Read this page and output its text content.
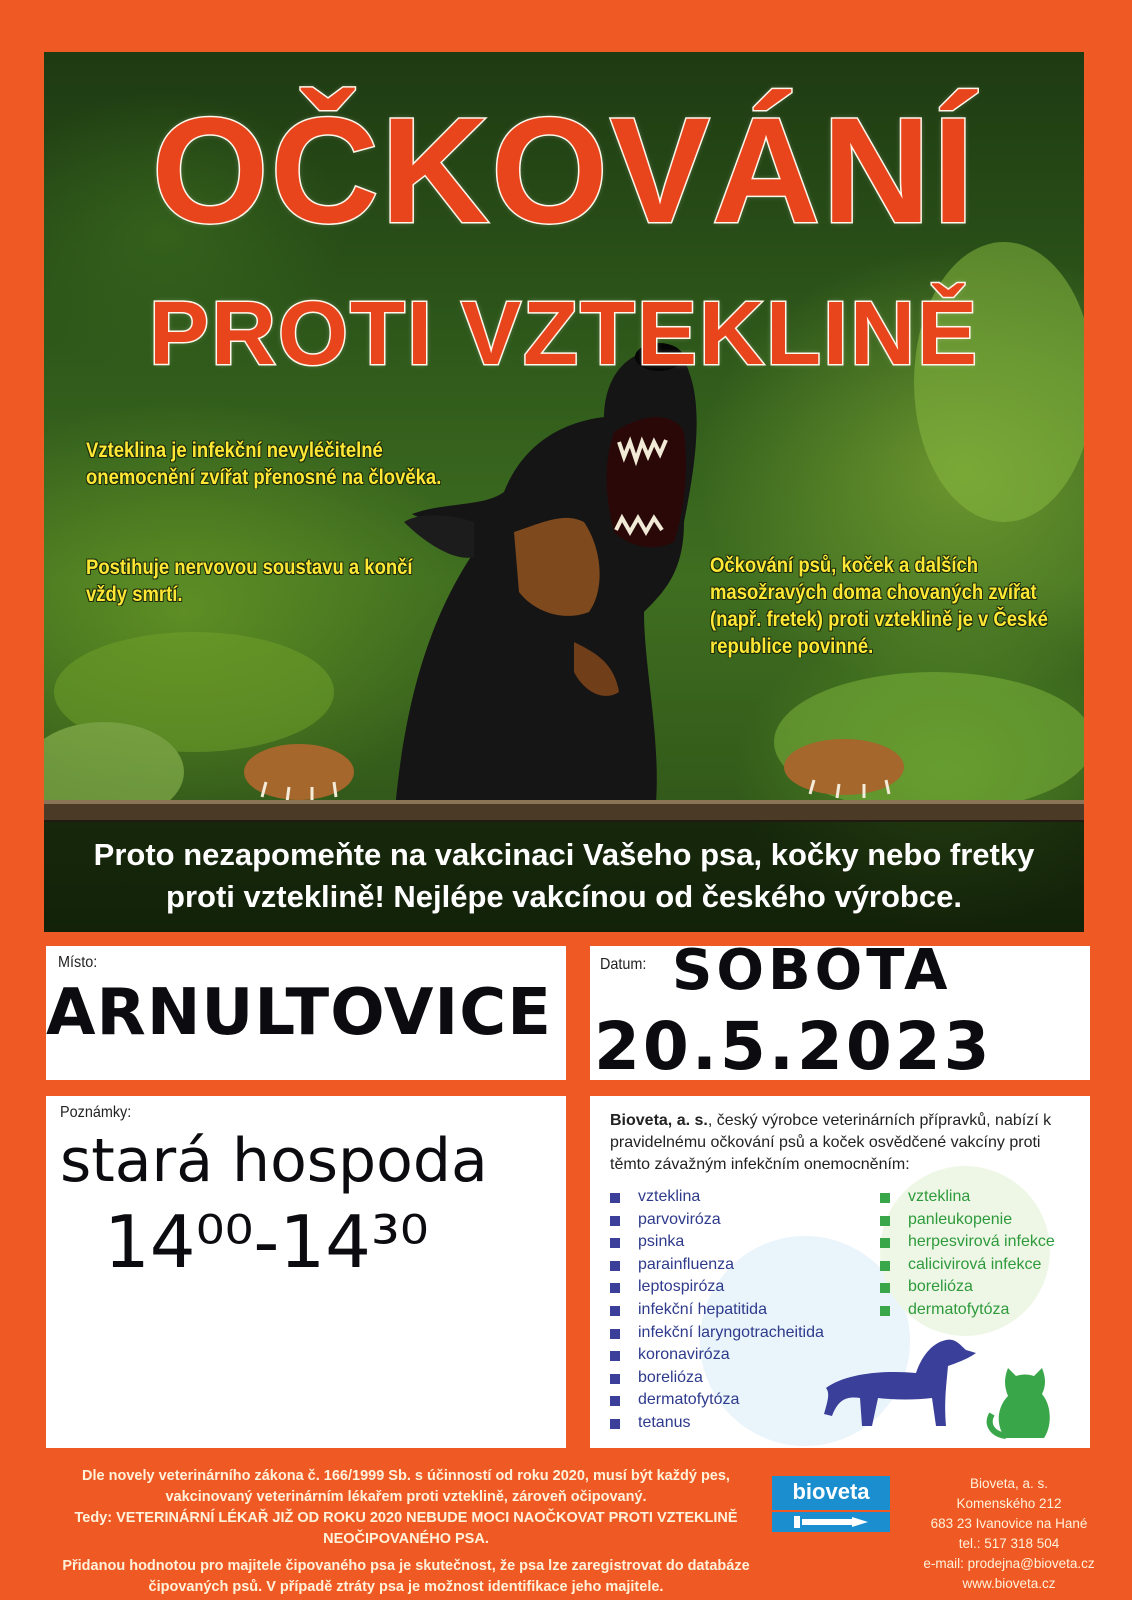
OČKOVÁNÍ
PROTI VZTEKLINĚ
Vzteklina je infekční nevyléčitelné onemocnění zvířat přenosné na člověka.
Postihuje nervovou soustavu a končí vždy smrtí.
Očkování psů, koček a dalších masožravých doma chovaných zvířat (např. fretek) proti vzteklině je v České republice povinné.
Proto nezapomeňte na vakcinaci Vašeho psa, kočky nebo fretky
proti vzteklině! Nejlépe vakcínou od českého výrobce.
Místo:
ARNULTOVICE
Datum: SOBOTA
20.5.2023
Poznámky:
stará hospoda
14⁰⁰-14³⁰
Bioveta, a. s., český výrobce veterinárních přípravků, nabízí k pravidelnému očkování psů a koček osvědčené vakcíny proti těmto závažným infekčním onemocněním:
vzteklina
parvoviróza
psinka
parainfluenza
leptospiróza
infekční hepatitida
infekční laryngotracheitida
koronaviróza
borelióza
dermatofytóza
tetanus
vzteklina
panleukopenie
herpesvirová infekce
calicivirová infekce
borelióza
dermatofytóza
Dle novely veterinárního zákona č. 166/1999 Sb. s účinností od roku 2020, musí být každý pes, vakcinovaný veterinárním lékařem proti vzteklině, zároveň očipovaný.
Tedy: VETERINÁRNÍ LÉKAŘ JIŽ OD ROKU 2020 NEBUDE MOCI NAOČKOVAT PROTI VZTEKLINĚ NEOČIPOVANÉHO PSA.
Přidanou hodnotou pro majitele čipovaného psa je skutečnost, že psa lze zaregistrovat do databáze čipovaných psů. V případě ztráty psa je možnost identifikace jeho majitele.
bioveta	Bioveta, a. s.
Komenského 212
683 23 Ivanovice na Hané
tel.: 517 318 504
e-mail: prodejna@bioveta.cz
www.bioveta.cz
